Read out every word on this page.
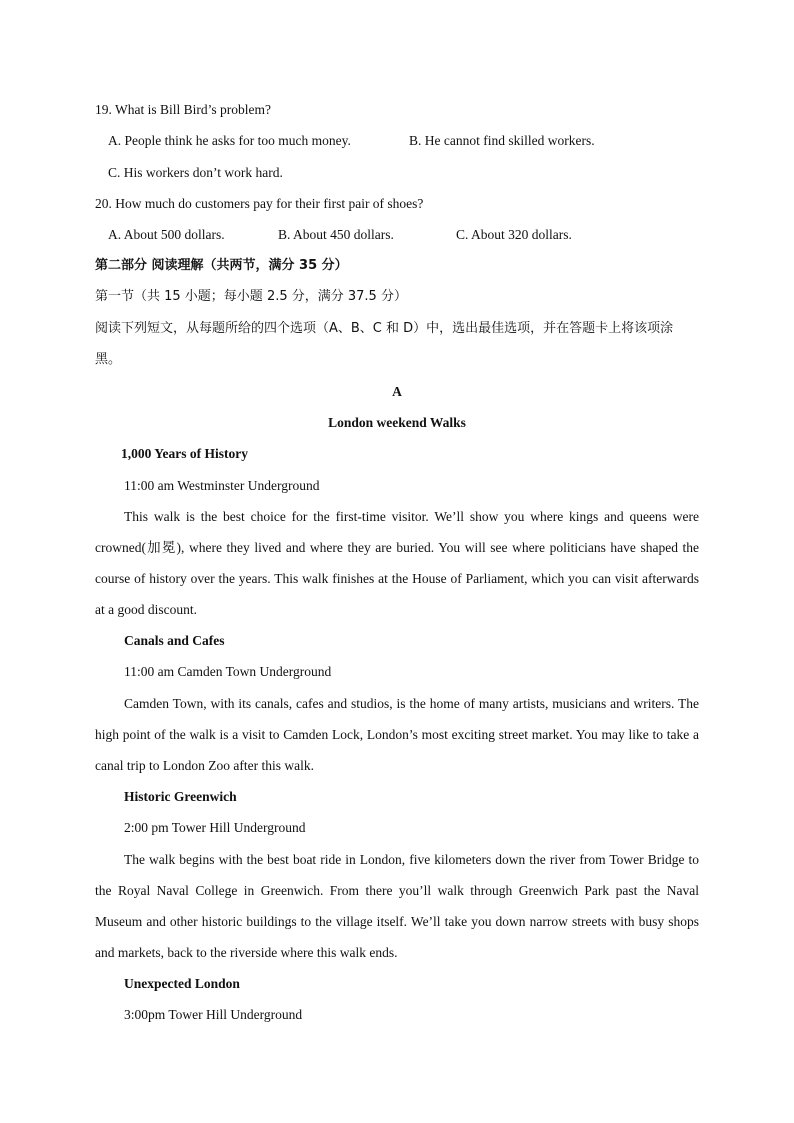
19. What is Bill Bird’s problem?
A. People think he asks for too much money.	B. He cannot find skilled workers.
C. His workers don’t work hard.
20. How much do customers pay for their first pair of shoes?
A. About 500 dollars.	B. About 450 dollars.	C. About 320 dollars.
第二部分 阅读理解（共两节，满分 35 分）
第一节（共 15 小题；每小题 2.5 分，满分 37.5 分）
阅读下列短文，从每题所给的四个选项（A、B、C 和 D）中，选出最佳选项，并在答题卡上将该项涂黑。
A
London weekend Walks
1,000 Years of History
11:00 am Westminster Underground
This walk is the best choice for the first-time visitor. We’ll show you where kings and queens were crowned(加冕), where they lived and where they are buried. You will see where politicians have shaped the course of history over the years. This walk finishes at the House of Parliament, which you can visit afterwards at a good discount.
Canals and Cafes
11:00 am Camden Town Underground
Camden Town, with its canals, cafes and studios, is the home of many artists, musicians and writers. The high point of the walk is a visit to Camden Lock, London’s most exciting street market. You may like to take a canal trip to London Zoo after this walk.
Historic Greenwich
2:00 pm Tower Hill Underground
The walk begins with the best boat ride in London, five kilometers down the river from Tower Bridge to the Royal Naval College in Greenwich. From there you’ll walk through Greenwich Park past the Naval Museum and other historic buildings to the village itself. We’ll take you down narrow streets with busy shops and markets, back to the riverside where this walk ends.
Unexpected London
3:00pm Tower Hill Underground
